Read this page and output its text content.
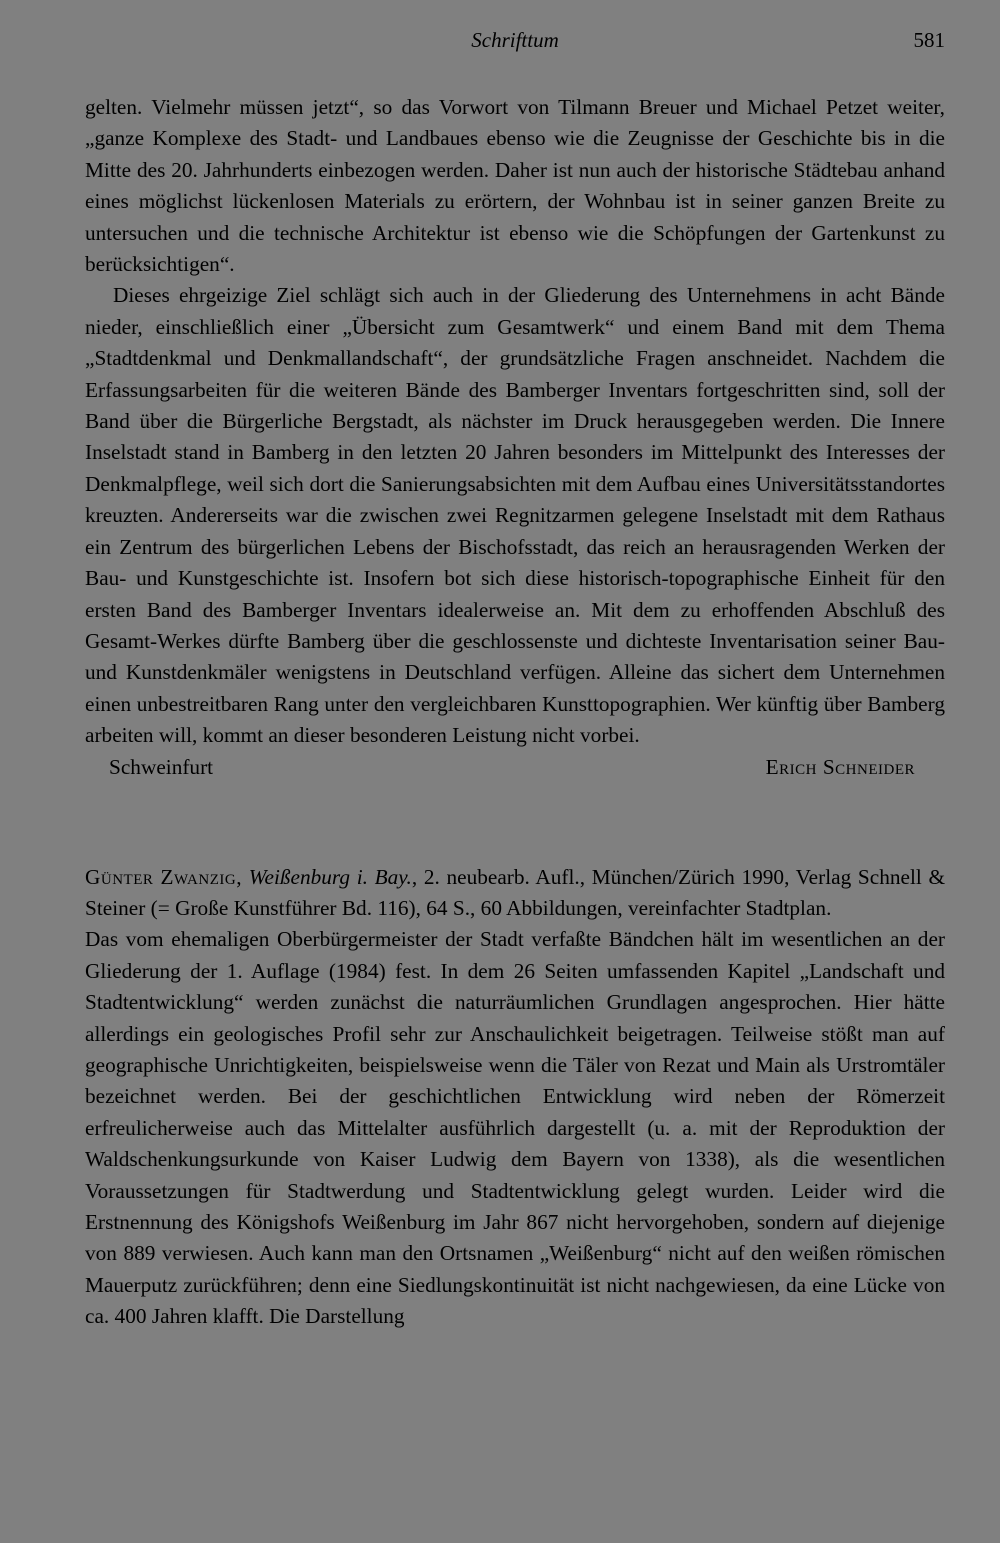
Schrifttum	581

gelten. Vielmehr müssen jetzt“, so das Vorwort von Tilmann Breuer und Michael Petzet weiter, „ganze Komplexe des Stadt- und Landbaues ebenso wie die Zeugnisse der Geschichte bis in die Mitte des 20. Jahrhunderts einbezogen werden. Daher ist nun auch der historische Städtebau anhand eines möglichst lückenlosen Materials zu erörtern, der Wohnbau ist in seiner ganzen Breite zu untersuchen und die technische Architektur ist ebenso wie die Schöpfungen der Gartenkunst zu berücksichtigen“.

Dieses ehrgeizige Ziel schlägt sich auch in der Gliederung des Unternehmens in acht Bände nieder, einschließlich einer „Übersicht zum Gesamtwerk“ und einem Band mit dem Thema „Stadtdenkmal und Denkmallandschaft“, der grundsätzliche Fragen anschneidet. Nachdem die Erfassungsarbeiten für die weiteren Bände des Bamberger Inventars fortgeschritten sind, soll der Band über die Bürgerliche Bergstadt, als nächster im Druck herausgegeben werden. Die Innere Inselstadt stand in Bamberg in den letzten 20 Jahren besonders im Mittelpunkt des Interesses der Denkmalpflege, weil sich dort die Sanierungsabsichten mit dem Aufbau eines Universitätsstandortes kreuzten. Andererseits war die zwischen zwei Regnitzarmen gelegene Inselstadt mit dem Rathaus ein Zentrum des bürgerlichen Lebens der Bischofsstadt, das reich an herausragenden Werken der Bau- und Kunstgeschichte ist. Insofern bot sich diese historisch-topographische Einheit für den ersten Band des Bamberger Inventars idealerweise an. Mit dem zu erhoffenden Abschluß des Gesamt-Werkes dürfte Bamberg über die geschlossenste und dichteste Inventarisation seiner Bau- und Kunstdenkmäler wenigstens in Deutschland verfügen. Alleine das sichert dem Unternehmen einen unbestreitbaren Rang unter den vergleichbaren Kunsttopographien. Wer künftig über Bamberg arbeiten will, kommt an dieser besonderen Leistung nicht vorbei.

Schweinfurt	Erich Schneider

Günter Zwanzig, Weißenburg i. Bay., 2. neubearb. Aufl., München/Zürich 1990, Verlag Schnell & Steiner (= Große Kunstführer Bd. 116), 64 S., 60 Abbildungen, vereinfachter Stadtplan.

Das vom ehemaligen Oberbürgermeister der Stadt verfaßte Bändchen hält im wesentlichen an der Gliederung der 1. Auflage (1984) fest. In dem 26 Seiten umfassenden Kapitel „Landschaft und Stadtentwicklung“ werden zunächst die naturräumlichen Grundlagen angesprochen. Hier hätte allerdings ein geologisches Profil sehr zur Anschaulichkeit beigetragen. Teilweise stößt man auf geographische Unrichtigkeiten, beispielsweise wenn die Täler von Rezat und Main als Urstromtäler bezeichnet werden. Bei der geschichtlichen Entwicklung wird neben der Römerzeit erfreulicherweise auch das Mittelalter ausführlich dargestellt (u. a. mit der Reproduktion der Waldschenkungsurkunde von Kaiser Ludwig dem Bayern von 1338), als die wesentlichen Voraussetzungen für Stadtwerdung und Stadtentwicklung gelegt wurden. Leider wird die Erstnennung des Königshofs Weißenburg im Jahr 867 nicht hervorgehoben, sondern auf diejenige von 889 verwiesen. Auch kann man den Ortsnamen „Weißenburg“ nicht auf den weißen römischen Mauerputz zurückführen; denn eine Siedlungskontinuität ist nicht nachgewiesen, da eine Lücke von ca. 400 Jahren klafft. Die Darstellung
